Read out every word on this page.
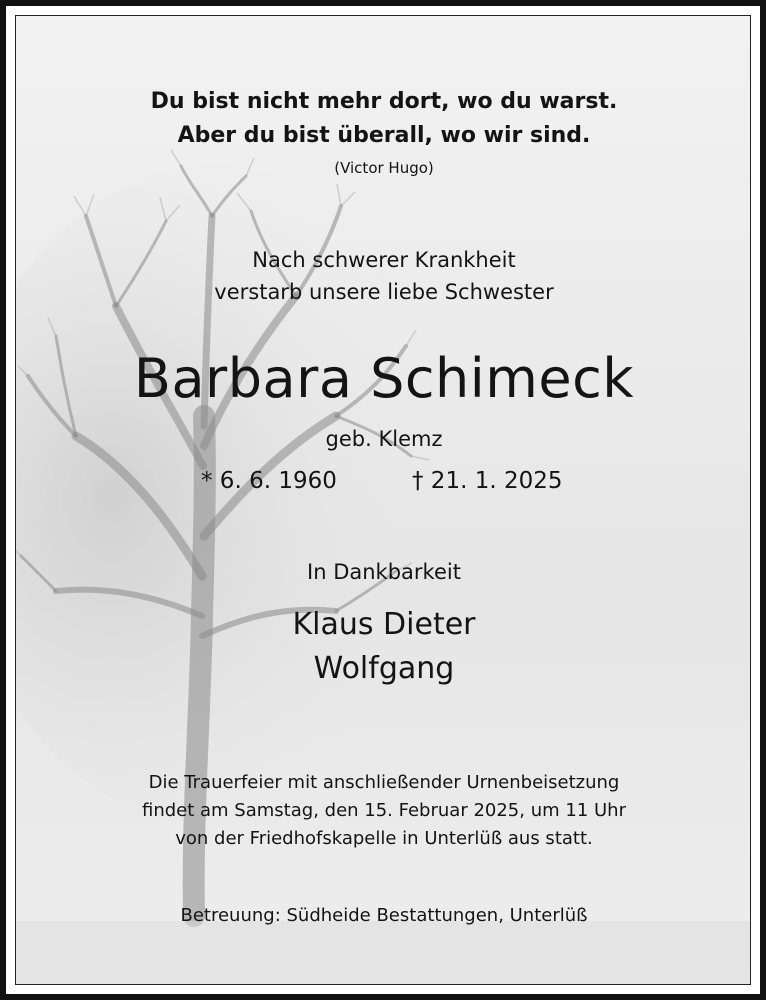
Du bist nicht mehr dort, wo du warst.
Aber du bist überall, wo wir sind.
(Victor Hugo)
Nach schwerer Krankheit
verstarb unsere liebe Schwester
Barbara Schimeck
geb. Klemz
* 6. 6. 1960	† 21. 1. 2025
In Dankbarkeit
Klaus Dieter
Wolfgang
Die Trauerfeier mit anschließender Urnenbeisetzung
findet am Samstag, den 15. Februar 2025, um 11 Uhr
von der Friedhofskapelle in Unterlüß aus statt.
Betreuung: Südheide Bestattungen, Unterlüß
